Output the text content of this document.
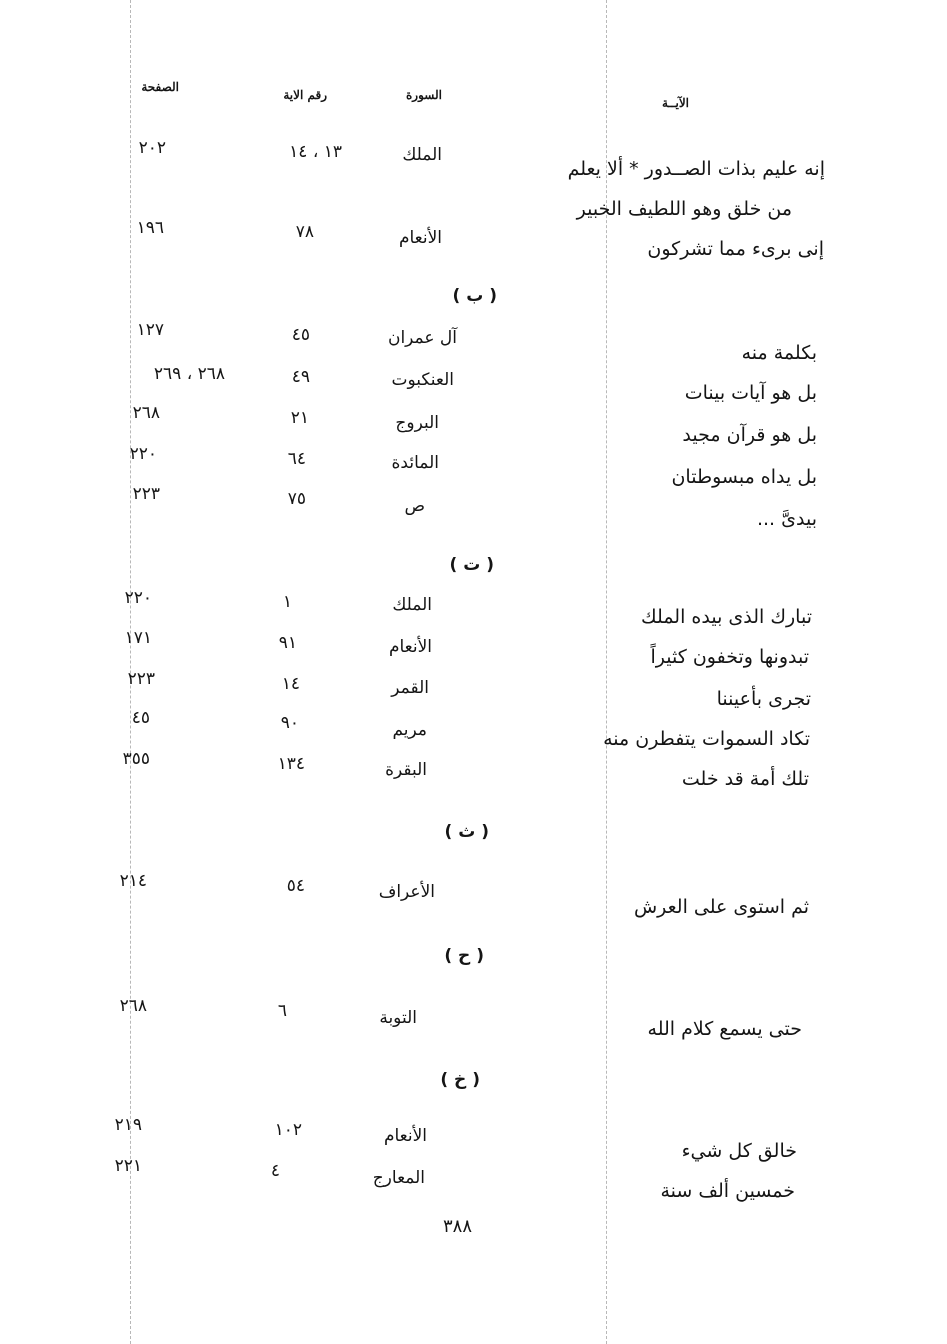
الآيــة
السورة
رقم الاية
الصفحة
إنه عليم بذات الصــدور * ألا يعلم
الملك
١٣ ، ١٤
٢٠٢
من خلق وهو اللطيف الخبير
إنى برىء مما تشركون
الأنعام
٧٨
١٩٦
( ب )
بكلمة منه
آل عمران
٤٥
١٢٧
بل هو آيات بينات
العنكبوت
٤٩
٢٦٨ ، ٢٦٩
بل هو قرآن مجيد
البروج
٢١
٢٦٨
بل يداه مبسوطتان
المائدة
٦٤
٢٢٠
بيدىَّ ...
ص
٧٥
٢٢٣
( ت )
تبارك الذى بيده الملك
الملك
١
٢٢٠
تبدونها وتخفون كثيراً
الأنعام
٩١
١٧١
تجرى بأعيننا
القمر
١٤
٢٢٣
تكاد السموات يتفطرن منه
مريم
٩٠
٤٥
تلك أمة قد خلت
البقرة
١٣٤
٣٥٥
( ث )
ثم استوى على العرش
الأعراف
٥٤
٢١٤
( ح )
حتى يسمع كلام الله
التوبة
٦
٢٦٨
( خ )
خالق كل شيء
الأنعام
١٠٢
٢١٩
خمسين ألف سنة
المعارج
٤
٢٢١
٣٨٨
